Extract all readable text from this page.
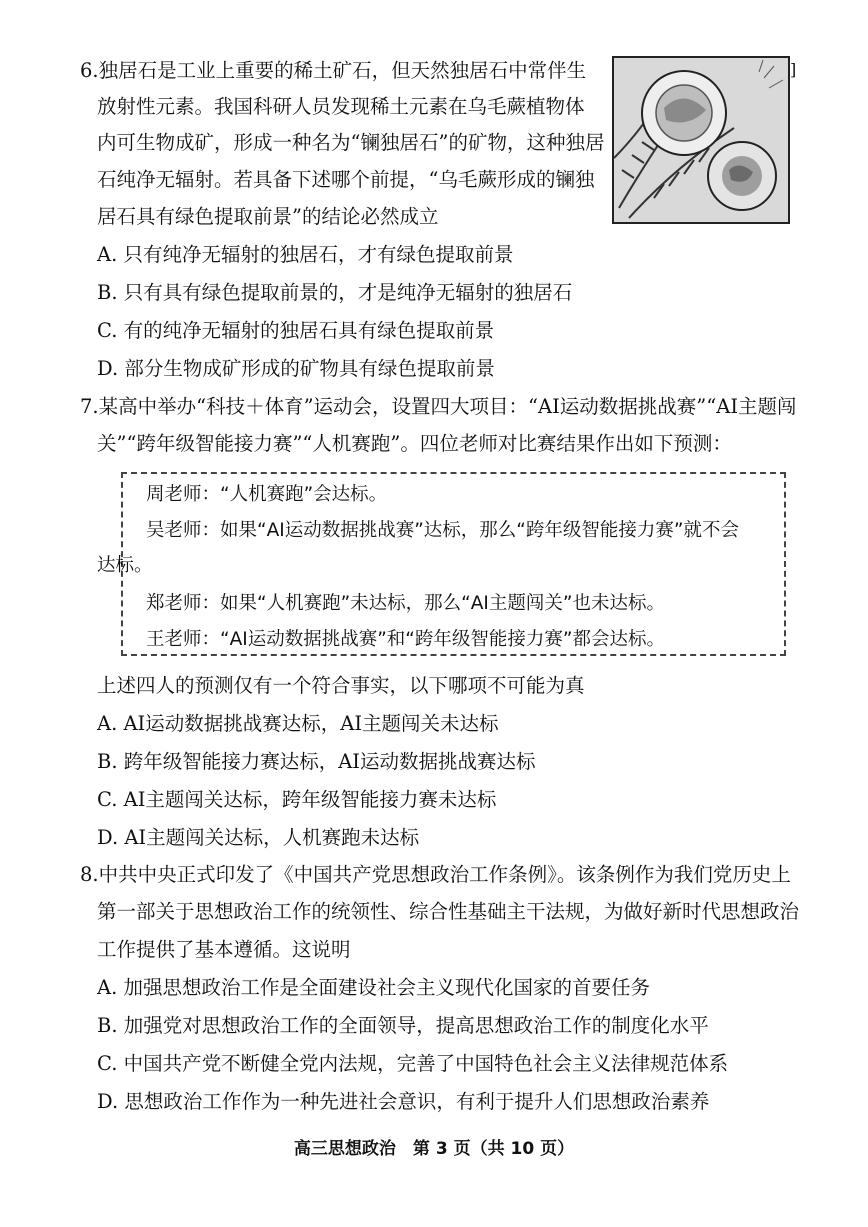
6.独居石是工业上重要的稀土矿石，但天然独居石中常伴生
放射性元素。我国科研人员发现稀土元素在乌毛蕨植物体
内可生物成矿，形成一种名为“镧独居石”的矿物，这种独居
石纯净无辐射。若具备下述哪个前提，“乌毛蕨形成的镧独
居石具有绿色提取前景”的结论必然成立
]
A. 只有纯净无辐射的独居石，才有绿色提取前景
B. 只有具有绿色提取前景的，才是纯净无辐射的独居石
C. 有的纯净无辐射的独居石具有绿色提取前景
D. 部分生物成矿形成的矿物具有绿色提取前景
7.某高中举办“科技＋体育”运动会，设置四大项目：“AI运动数据挑战赛”“AI主题闯
关”“跨年级智能接力赛”“人机赛跑”。四位老师对比赛结果作出如下预测：
周老师：“人机赛跑”会达标。
吴老师：如果“AI运动数据挑战赛”达标，那么“跨年级智能接力赛”就不会
达标。
郑老师：如果“人机赛跑”未达标，那么“AI主题闯关”也未达标。
王老师：“AI运动数据挑战赛”和“跨年级智能接力赛”都会达标。
上述四人的预测仅有一个符合事实，以下哪项不可能为真
A. AI运动数据挑战赛达标，AI主题闯关未达标
B. 跨年级智能接力赛达标，AI运动数据挑战赛达标
C. AI主题闯关达标，跨年级智能接力赛未达标
D. AI主题闯关达标，人机赛跑未达标
8.中共中央正式印发了《中国共产党思想政治工作条例》。该条例作为我们党历史上
第一部关于思想政治工作的统领性、综合性基础主干法规，为做好新时代思想政治
工作提供了基本遵循。这说明
A. 加强思想政治工作是全面建设社会主义现代化国家的首要任务
B. 加强党对思想政治工作的全面领导，提高思想政治工作的制度化水平
C. 中国共产党不断健全党内法规，完善了中国特色社会主义法律规范体系
D. 思想政治工作作为一种先进社会意识，有利于提升人们思想政治素养
高三思想政治　第 3 页（共 10 页）
